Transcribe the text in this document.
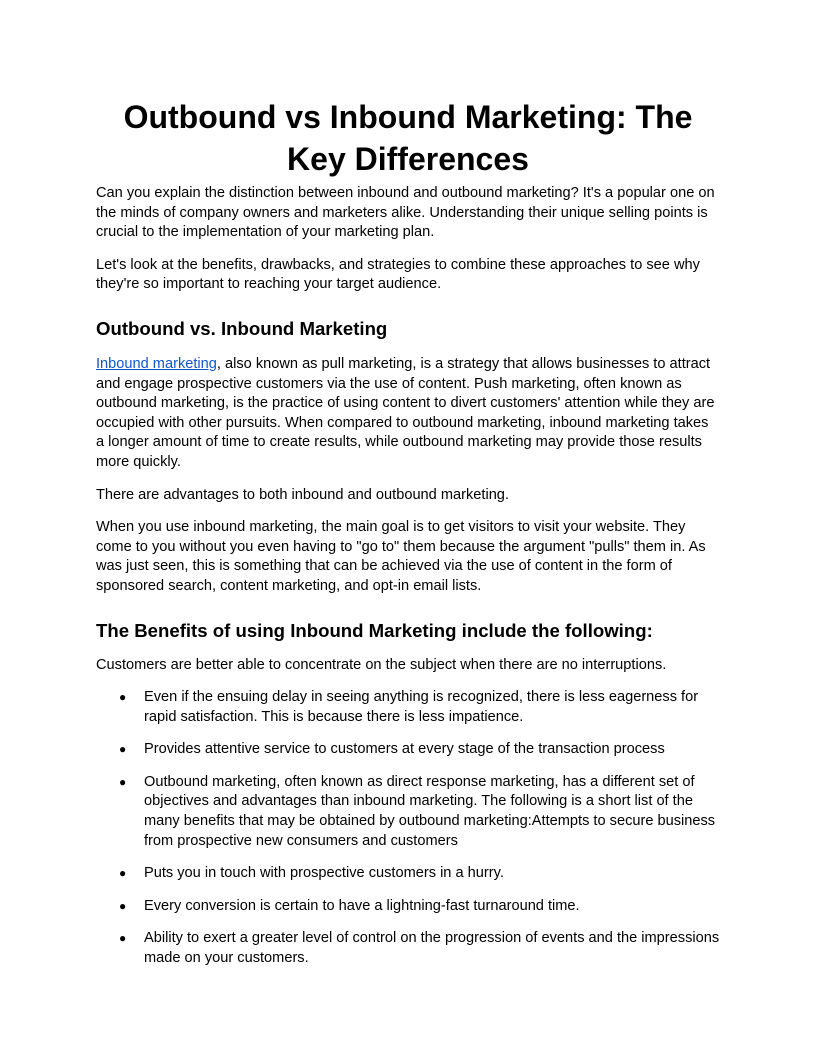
Outbound vs Inbound Marketing: The Key Differences

Can you explain the distinction between inbound and outbound marketing? It's a popular one on the minds of company owners and marketers alike. Understanding their unique selling points is crucial to the implementation of your marketing plan.

Let's look at the benefits, drawbacks, and strategies to combine these approaches to see why they're so important to reaching your target audience.

Outbound vs. Inbound Marketing

Inbound marketing, also known as pull marketing, is a strategy that allows businesses to attract and engage prospective customers via the use of content. Push marketing, often known as outbound marketing, is the practice of using content to divert customers' attention while they are occupied with other pursuits. When compared to outbound marketing, inbound marketing takes a longer amount of time to create results, while outbound marketing may provide those results more quickly.

There are advantages to both inbound and outbound marketing.

When you use inbound marketing, the main goal is to get visitors to visit your website. They come to you without you even having to "go to" them because the argument "pulls" them in. As was just seen, this is something that can be achieved via the use of content in the form of sponsored search, content marketing, and opt-in email lists.

The Benefits of using Inbound Marketing include the following:

Customers are better able to concentrate on the subject when there are no interruptions.

● Even if the ensuing delay in seeing anything is recognized, there is less eagerness for rapid satisfaction. This is because there is less impatience.
● Provides attentive service to customers at every stage of the transaction process
● Outbound marketing, often known as direct response marketing, has a different set of objectives and advantages than inbound marketing. The following is a short list of the many benefits that may be obtained by outbound marketing:Attempts to secure business from prospective new consumers and customers
● Puts you in touch with prospective customers in a hurry.
● Every conversion is certain to have a lightning-fast turnaround time.
● Ability to exert a greater level of control on the progression of events and the impressions made on your customers.
